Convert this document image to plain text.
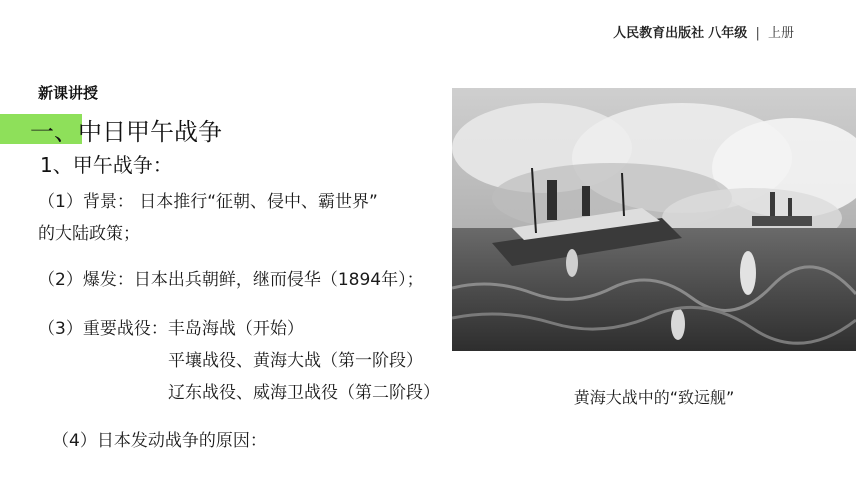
人民教育出版社 八年级 | 上册
新课讲授
一、中日甲午战争
1、甲午战争：
（1）背景： 日本推行“征朝、侵中、霸世界”
的大陆政策；
（2）爆发：日本出兵朝鲜，继而侵华（1894年）；
（3）重要战役：丰岛海战（开始）
平壤战役、黄海大战（第一阶段）
辽东战役、威海卫战役（第二阶段）
（4）日本发动战争的原因：
黄海大战中的“致远舰”
